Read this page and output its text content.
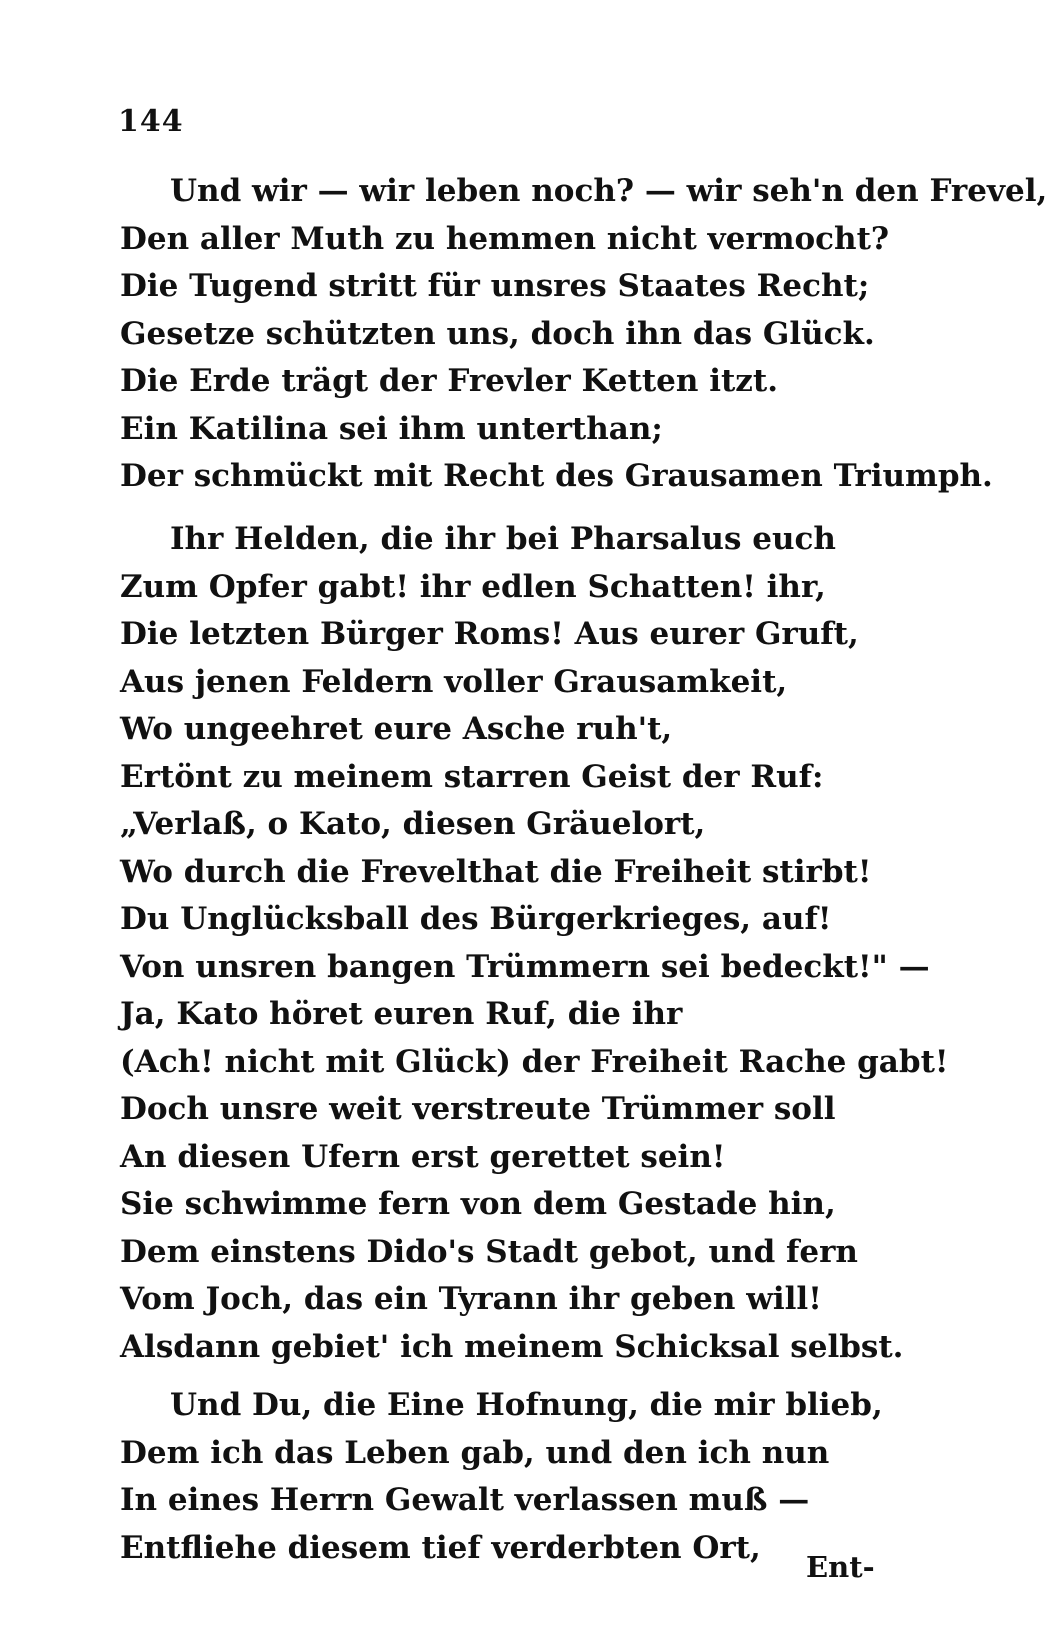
144
Und wir — wir leben noch? — wir seh'n den Frevel,
Den aller Muth zu hemmen nicht vermocht?
Die Tugend stritt für unsres Staates Recht;
Gesetze schützten uns, doch ihn das Glück.
Die Erde trägt der Frevler Ketten itzt.
Ein Katilina sei ihm unterthan;
Der schmückt mit Recht des Grausamen Triumph.
Ihr Helden, die ihr bei Pharsalus euch
Zum Opfer gabt! ihr edlen Schatten! ihr,
Die letzten Bürger Roms! Aus eurer Gruft,
Aus jenen Feldern voller Grausamkeit,
Wo ungeehret eure Asche ruh't,
Ertönt zu meinem starren Geist der Ruf:
„Verlaß, o Kato, diesen Gräuelort,
Wo durch die Frevelthat die Freiheit stirbt!
Du Unglücksball des Bürgerkrieges, auf!
Von unsren bangen Trümmern sei bedeckt!" —
Ja, Kato höret euren Ruf, die ihr
(Ach! nicht mit Glück) der Freiheit Rache gabt!
Doch unsre weit verstreute Trümmer soll
An diesen Ufern erst gerettet sein!
Sie schwimme fern von dem Gestade hin,
Dem einstens Dido's Stadt gebot, und fern
Vom Joch, das ein Tyrann ihr geben will!
Alsdann gebiet' ich meinem Schicksal selbst.
Und Du, die Eine Hofnung, die mir blieb,
Dem ich das Leben gab, und den ich nun
In eines Herrn Gewalt verlassen muß —
Entfliehe diesem tief verderbten Ort,
Ent-
